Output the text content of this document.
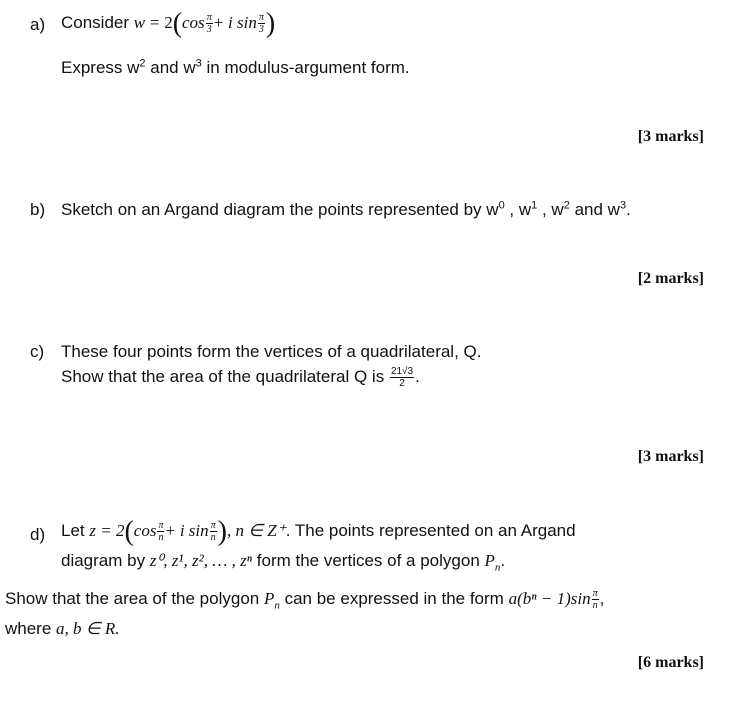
a) Consider $w = 2(\cos \frac{\pi}{3} + i$ $\sin \frac{\pi}{3}$ )
Express $w^2$ and $w^3$ in modulus-argument form.
[3 marks]
b) Sketch on an Argand diagram the points represented by $w^0$ , $w^1$ , $w^2$ and $w^3$.
[2 marks]
c) These four points form the vertices of a quadrilateral, Q.
Show that the area of the quadrilateral Q is $\frac{21√3}{2}$ .
[3 marks]
d) Let $z = 2(\cos \frac{\pi}{n} + i$ $\sin \frac{\pi}{n}$ ), n ∈ Z⁺. The points represented on an Argand
diagram by z⁰, z¹, z², … , zⁿ form the vertices of a polygon $P_n$.
Show that the area of the polygon $P_n$ can be expressed in the form $a(b^n - 1)\sin \frac{\pi}{n}$ ,
where a, b ∈ R.
[6 marks]
